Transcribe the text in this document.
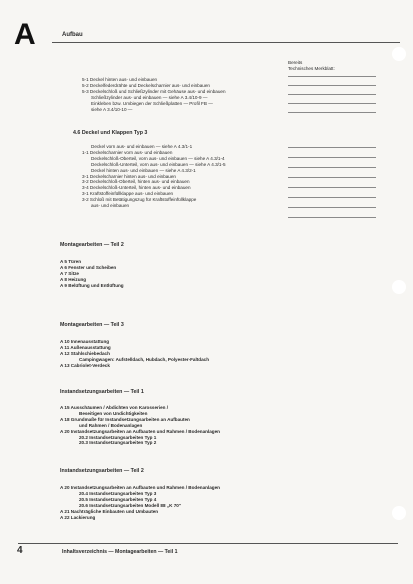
A	Aufbau
Bereits
Technisches Merkblatt:
5-1 Deckel hinten aus- und einbauen
5-2 Deckelfederdrähte und Deckelscharnier aus- und einbauen
5-3 Deckelschloß und Schließzylinder mit Gehäuse aus- und einbauen
Schließzylinder aus- und einbauen — siehe A 3.4/10-9 —
Einkleben bzw. Umbiegen der Schließplatten — Profil FB —
siehe A 3.4/10-10 —
4.6 Deckel und Klappen Typ 3
Deckel vorn aus- und einbauen — siehe A 4.3/1-1
1-1 Deckelscharnier vorn aus- und einbauen
Deckelschloß-Oberteil, vorn aus- und einbauen — siehe A 4.3/1-4
Deckelschloß-Unterteil, vorn aus- und einbauen — siehe A 4.3/1-5
Deckel hinten aus- und einbauen — siehe A 4.3/2-1
3-1 Deckelscharnier hinten aus- und einbauen
3-2 Deckelschloß-Oberteil, hinten aus- und einbauen
3-4 Deckelschloß-Unterteil, hinten aus- und einbauen
3-1 Kraftstoffeinfüllklappe aus- und einbauen
3-2 Schloß mit Betätigungszug für Kraftstoffeinfüllklappe
aus- und einbauen
Montagearbeiten — Teil 2
A 5 Türen
A 6 Fenster und Scheiben
A 7 Sitze
A 8 Heizung
A 9 Belüftung und Entlüftung
Montagearbeiten — Teil 3
A 10 Innenausstattung
A 11 Außenausstattung
A 12 Stahlschiebedach
Campingwagen: Aufstelldach, Hubdach, Polyester-Faltdach
A 13 Cabriolet-Verdeck
Instandsetzungsarbeiten — Teil 1
A 15 Ausschäumen / Abdichten von Karosserien /
Beseitigen von Undichtigkeiten
A 18 Grundmaße für Instandsetzungsarbeiten an Aufbauten
und Rahmen / Bodenanlagen
A 20 Instandsetzungsarbeiten an Aufbauten und Rahmen / Bodenanlagen
20.2 Instandsetzungsarbeiten Typ 1
20.3 Instandsetzungsarbeiten Typ 2
Instandsetzungsarbeiten — Teil 2
A 20 Instandsetzungsarbeiten an Aufbauten und Rahmen / Bodenanlagen
20.4 Instandsetzungsarbeiten Typ 3
20.5 Instandsetzungsarbeiten Typ 4
20.6 Instandsetzungsarbeiten Modell 88 „K 70"
A 21 Nachträgliche Einbauten und Umbauten
A 22 Lackierung
4	Inhaltsverzeichnis — Montagearbeiten — Teil 1
